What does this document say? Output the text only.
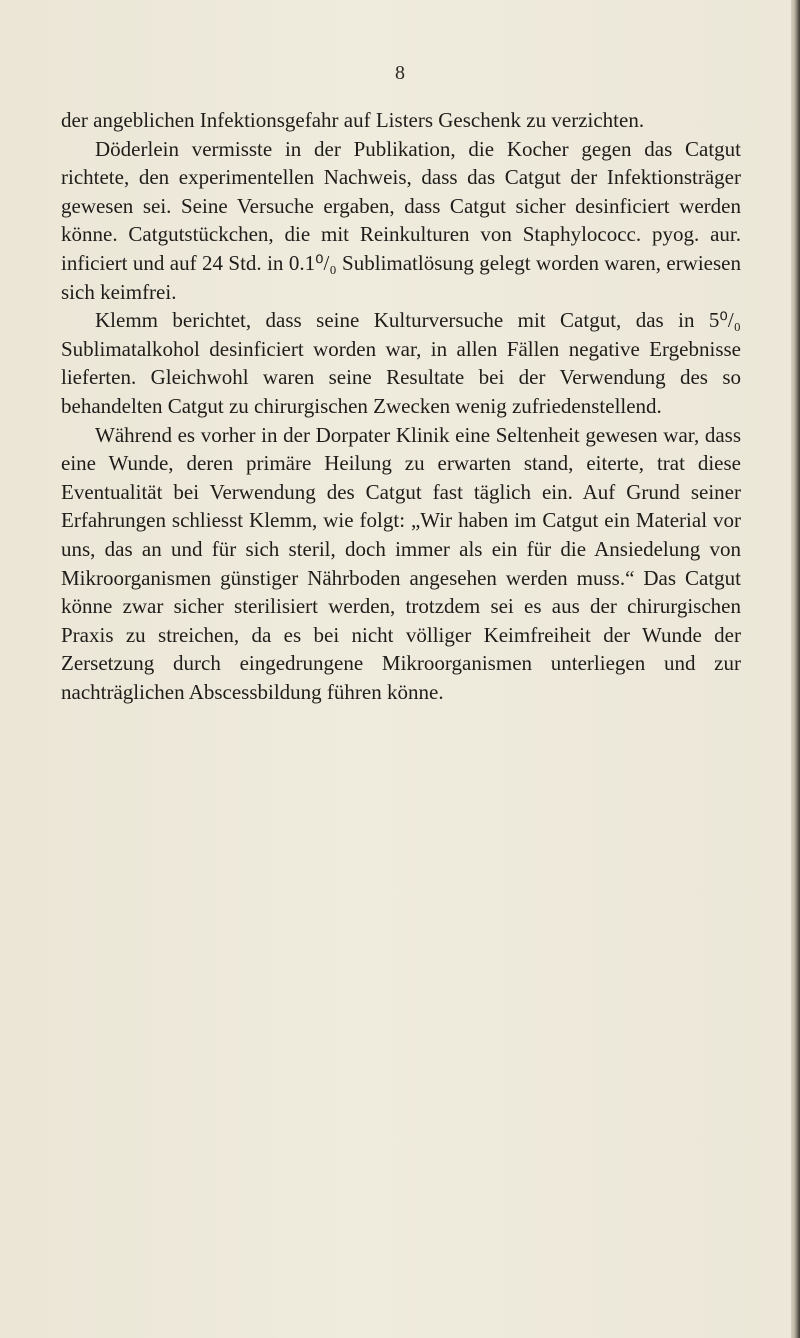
8

der angeblichen Infektionsgefahr auf Listers Geschenk zu verzichten.

Döderlein vermisste in der Publikation, die Kocher gegen das Catgut richtete, den experimentellen Nachweis, dass das Catgut der Infektionsträger gewesen sei. Seine Versuche ergaben, dass Catgut sicher desinficiert werden könne. Catgutstückchen, die mit Reinkulturen von Staphylococc. pyog. aur. inficiert und auf 24 Std. in 0.1⁰/₀ Sublimatlösung gelegt worden waren, erwiesen sich keimfrei.

Klemm berichtet, dass seine Kulturversuche mit Catgut, das in 5⁰/₀ Sublimatalkohol desinficiert worden war, in allen Fällen negative Ergebnisse lieferten. Gleichwohl waren seine Resultate bei der Verwendung des so behandelten Catgut zu chirurgischen Zwecken wenig zufriedenstellend.

Während es vorher in der Dorpater Klinik eine Seltenheit gewesen war, dass eine Wunde, deren primäre Heilung zu erwarten stand, eiterte, trat diese Eventualität bei Verwendung des Catgut fast täglich ein. Auf Grund seiner Erfahrungen schliesst Klemm, wie folgt: „Wir haben im Catgut ein Material vor uns, das an und für sich steril, doch immer als ein für die Ansiedelung von Mikroorganismen günstiger Nährboden angesehen werden muss.“ Das Catgut könne zwar sicher sterilisiert werden, trotzdem sei es aus der chirurgischen Praxis zu streichen, da es bei nicht völliger Keimfreiheit der Wunde der Zersetzung durch eingedrungene Mikroorganismen unterliegen und zur nachträglichen Abscessbildung führen könne.
